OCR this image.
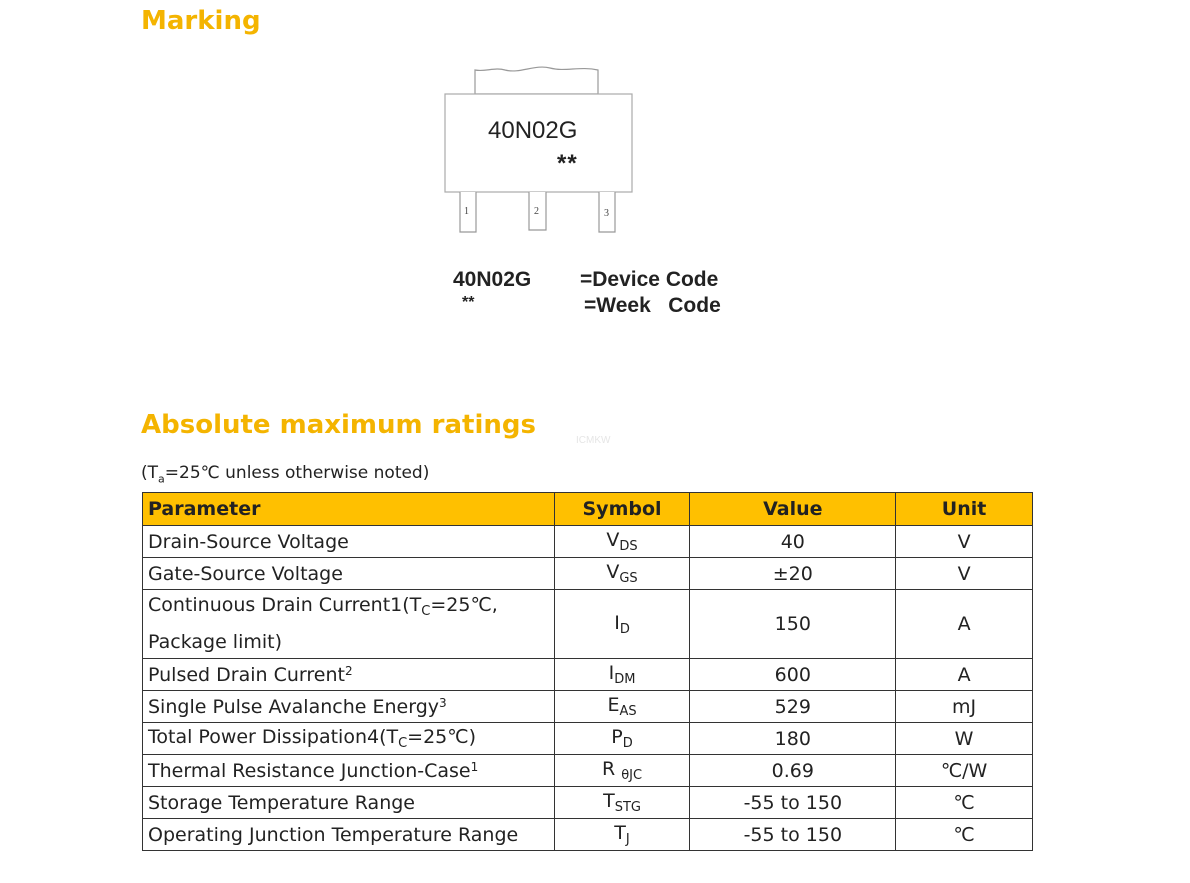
Marking
40N02G
**
1	2	3
40N02G =Device Code
**	=Week   Code
Absolute maximum ratings
ICMKW
($T_a=25℃$ unless otherwise noted)
Parameter	Symbol	Value	Unit
Drain-Source Voltage	$V_{DS}$	40	V
Gate-Source Voltage	$V_{GS}$	±20	V
Continuous Drain $Current1(T_C=25℃$,
Package limit)	$I_D$	150	A
Pulsed Drain Current$^2$	$I_{DM}$	600	A
Single Pulse Avalanche Energy$^3$	$E_{AS}$	529	mJ
Total Power $Dissipation4(T_C=25℃)$	$P_D$	180	W
Thermal Resistance Junction-Case$^1$	R $_{\theta JC}$	0.69	℃/W
Storage Temperature Range	$T_{STG}$	-55 to 150	℃
Operating Junction Temperature Range	$T_J$	-55 to 150	℃
